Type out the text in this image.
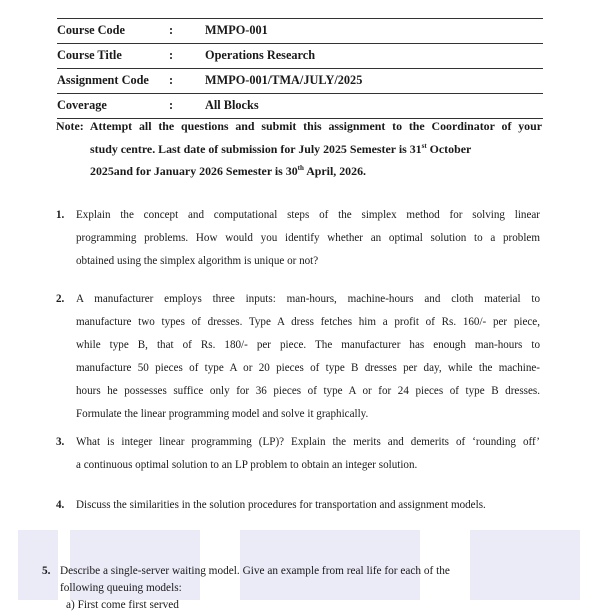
Course Code	:	MMPO-001
Course Title	:	Operations Research
Assignment Code :	MMPO-001/TMA/JULY/2025
Coverage	:	All Blocks
Note: Attempt all the questions and submit this assignment to the Coordinator of your
study centre. Last date of submission for July 2025 Semester is 31st October
2025and for January 2026 Semester is 30th April, 2026.
1. Explain the concept and computational steps of the simplex method for solving linear
programming problems. How would you identify whether an optimal solution to a problem
obtained using the simplex algorithm is unique or not?
2. A manufacturer employs three inputs: man-hours, machine-hours and cloth material to
manufacture two types of dresses. Type A dress fetches him a profit of Rs. 160/- per piece,
while type B, that of Rs. 180/- per piece. The manufacturer has enough man-hours to
manufacture 50 pieces of type A or 20 pieces of type B dresses per day, while the machine-
hours he possesses suffice only for 36 pieces of type A or for 24 pieces of type B dresses.
Formulate the linear programming model and solve it graphically.
3. What is integer linear programming (LP)? Explain the merits and demerits of ‘rounding off’
a continuous optimal solution to an LP problem to obtain an integer solution.
4. Discuss the similarities in the solution procedures for transportation and assignment models.
5. Describe a single-server waiting model. Give an example from real life for each of the
following queuing models:
a) First come first served
